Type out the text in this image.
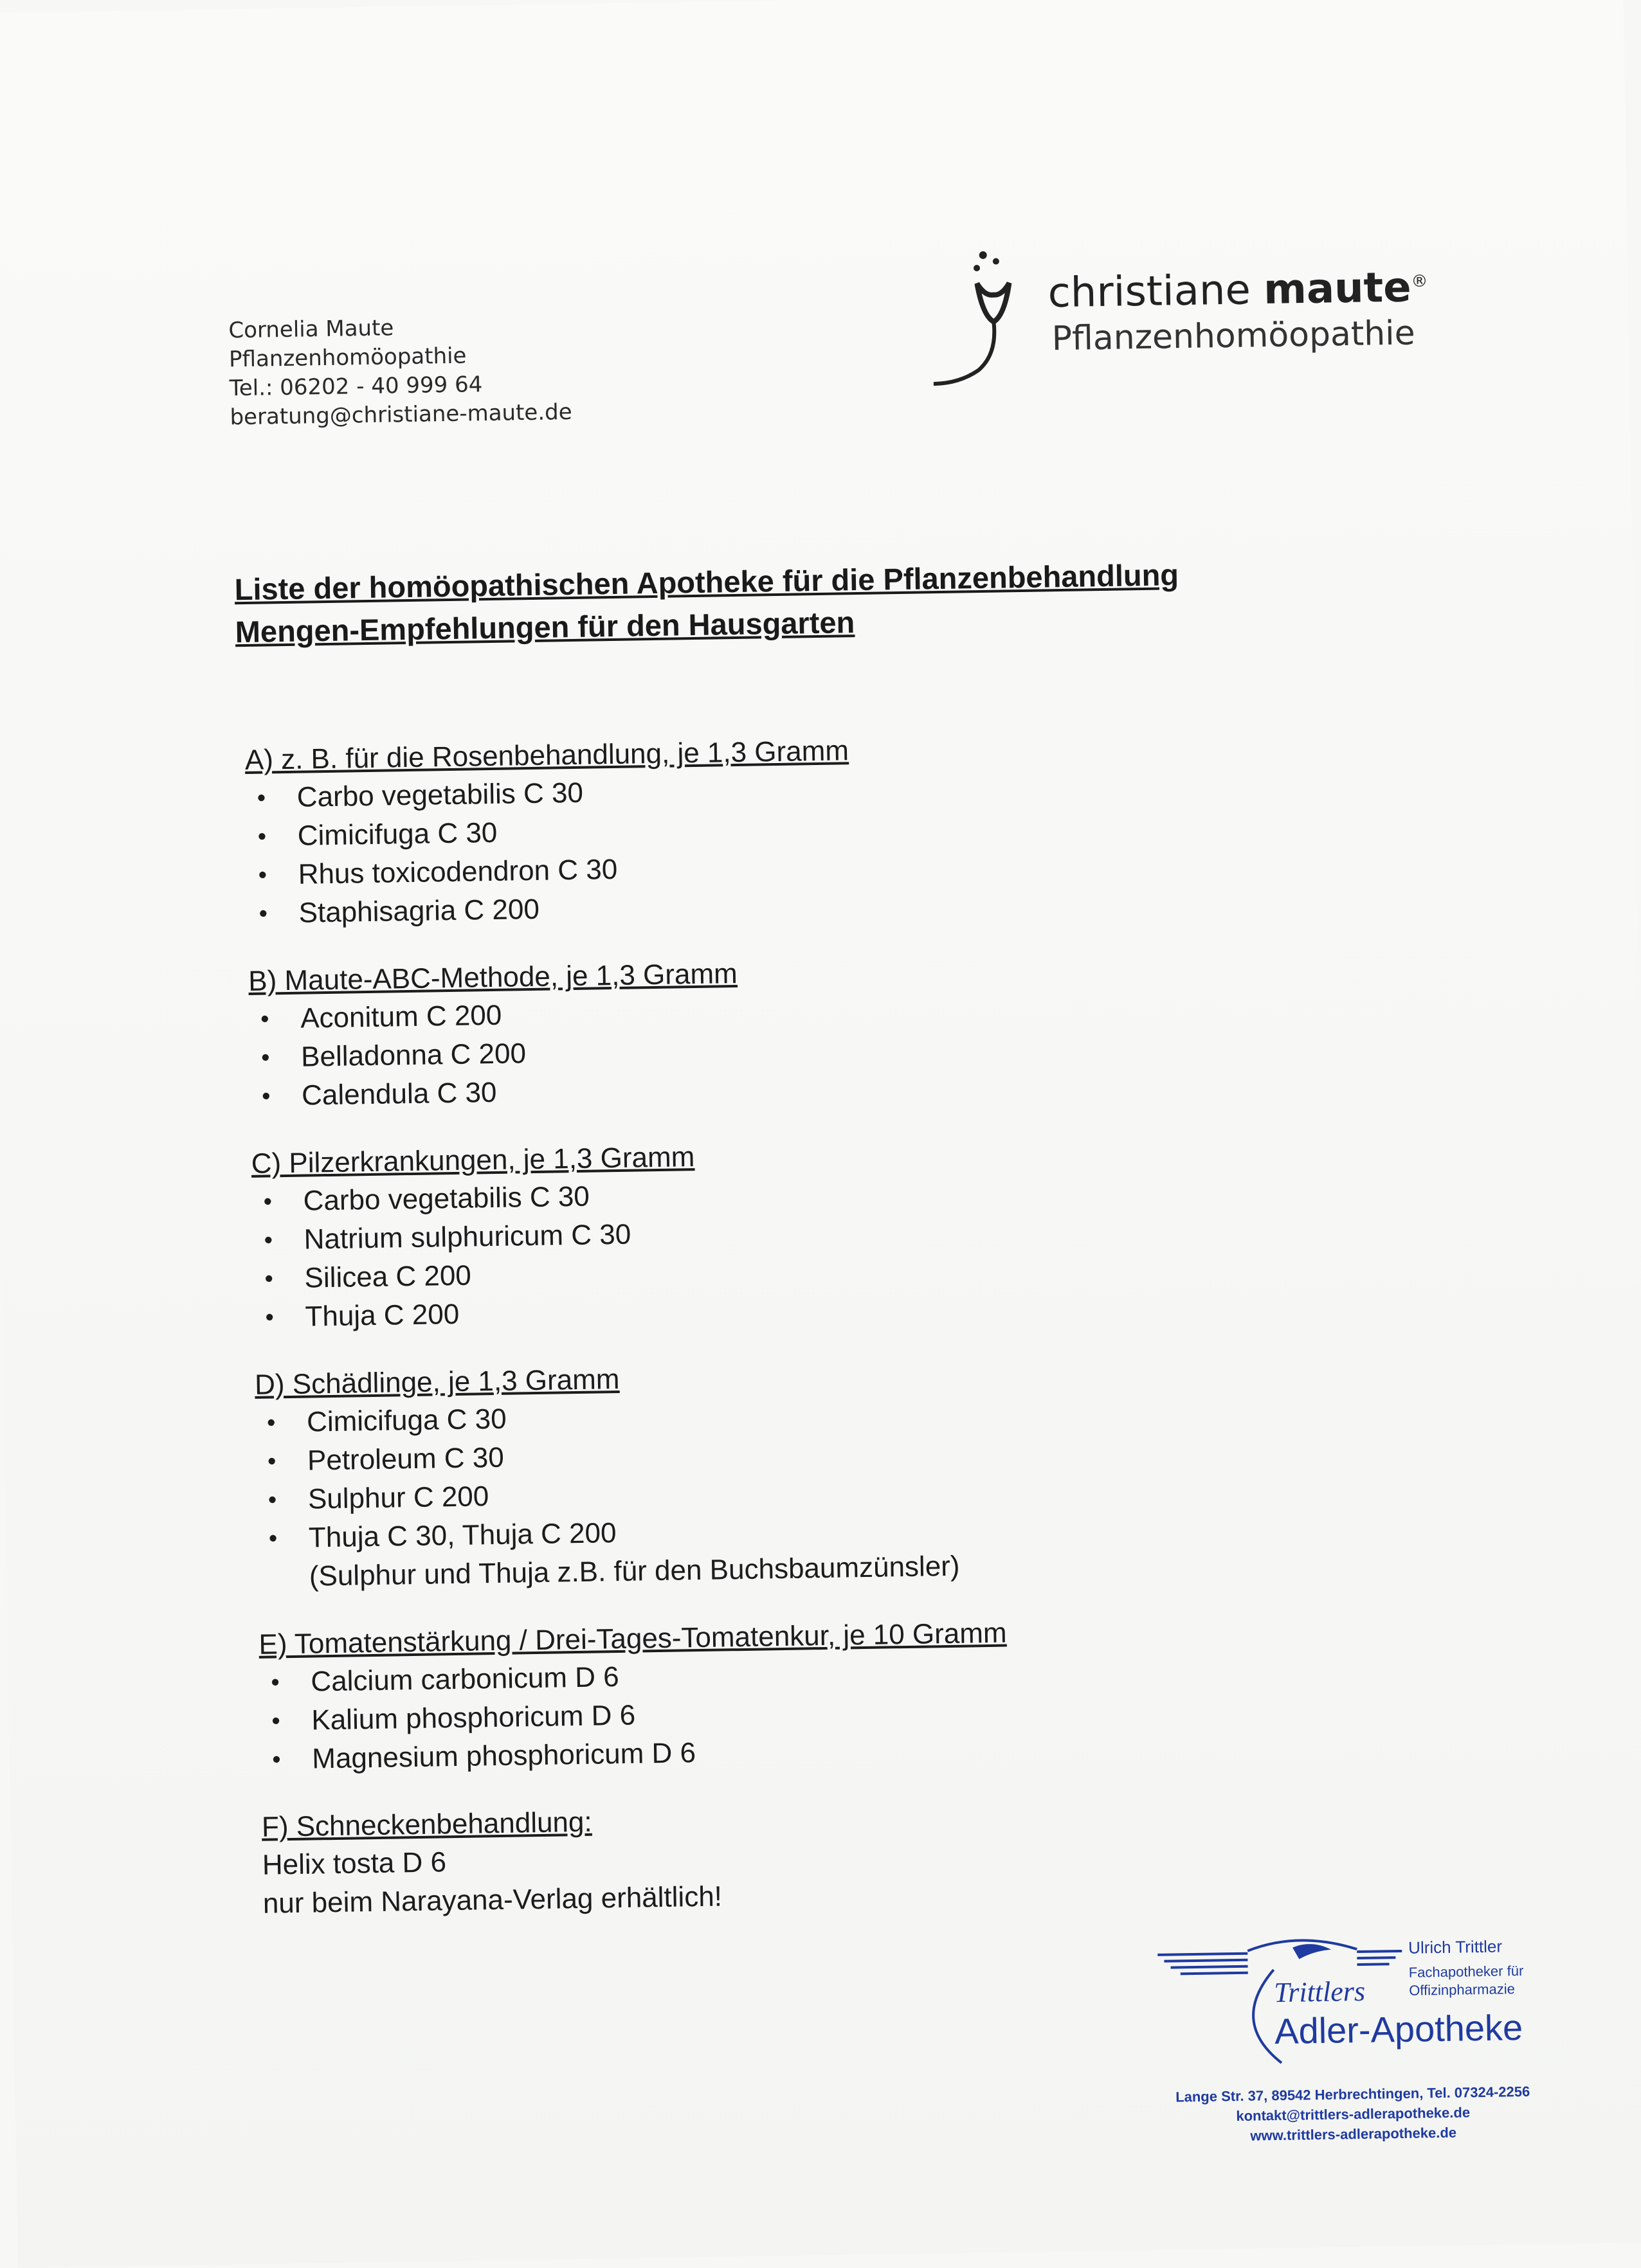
Cornelia Maute
Pflanzenhomöopathie
Tel.: 06202 - 40 999 64
beratung@christiane-maute.de
christiane maute®
Pflanzenhomöopathie
Liste der homöopathischen Apotheke für die Pflanzenbehandlung
Mengen-Empfehlungen für den Hausgarten
A) z. B. für die Rosenbehandlung, je 1,3 Gramm
• Carbo vegetabilis C 30
• Cimicifuga C 30
• Rhus toxicodendron C 30
• Staphisagria C 200
B) Maute-ABC-Methode, je 1,3 Gramm
• Aconitum C 200
• Belladonna C 200
• Calendula C 30
C) Pilzerkrankungen, je 1,3 Gramm
• Carbo vegetabilis C 30
• Natrium sulphuricum C 30
• Silicea C 200
• Thuja C 200
D) Schädlinge, je 1,3 Gramm
• Cimicifuga C 30
• Petroleum C 30
• Sulphur C 200
• Thuja C 30, Thuja C 200
(Sulphur und Thuja z.B. für den Buchsbaumzünsler)
E) Tomatenstärkung / Drei-Tages-Tomatenkur, je 10 Gramm
• Calcium carbonicum D 6
• Kalium phosphoricum D 6
• Magnesium phosphoricum D 6
F) Schneckenbehandlung:
Helix tosta D 6
nur beim Narayana-Verlag erhältlich!
Ulrich Trittler
Fachapotheker für
Offizinpharmazie
Trittlers
Adler-Apotheke
Lange Str. 37, 89542 Herbrechtingen, Tel. 07324-2256
kontakt@trittlers-adlerapotheke.de
www.trittlers-adlerapotheke.de
